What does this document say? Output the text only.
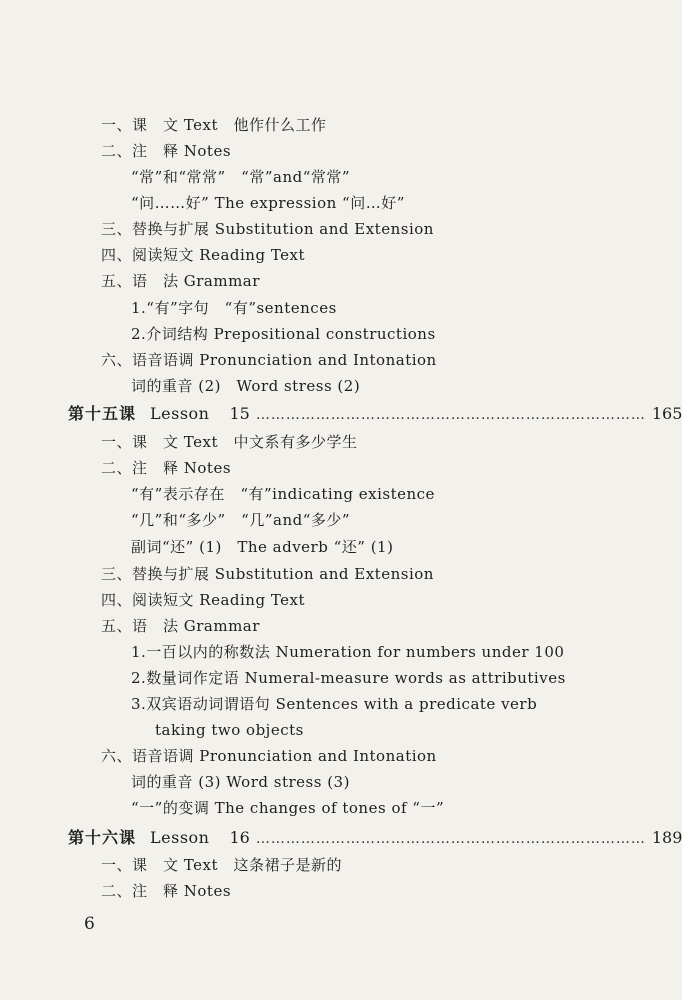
一、课　文 Text　他作什么工作
二、注　释 Notes
“常”和“常常”　“常”and“常常”
“问……好” The expression “问…好”
三、替换与扩展 Substitution and Extension
四、阅读短文 Reading Text
五、语　法 Grammar
1.“有”字句　“有”sentences
2.介词结构 Prepositional constructions
六、语音语调 Pronunciation and Intonation
词的重音 (2)　Word stress (2)
第十五课 Lesson 15 …………………………………………………………………… 165
一、课　文 Text　中文系有多少学生
二、注　释 Notes
“有”表示存在　“有”indicating existence
“几”和“多少”　“几”and“多少”
副词“还” (1)　The adverb “还” (1)
三、替换与扩展 Substitution and Extension
四、阅读短文 Reading Text
五、语　法 Grammar
1.一百以内的称数法 Numeration for numbers under 100
2.数量词作定语 Numeral-measure words as attributives
3.双宾语动词谓语句 Sentences with a predicate verb
taking two objects
六、语音语调 Pronunciation and Intonation
词的重音 (3) Word stress (3)
“一”的变调 The changes of tones of “一”
第十六课 Lesson 16 …………………………………………………………………… 189
一、课　文 Text　这条裙子是新的
二、注　释 Notes
6
